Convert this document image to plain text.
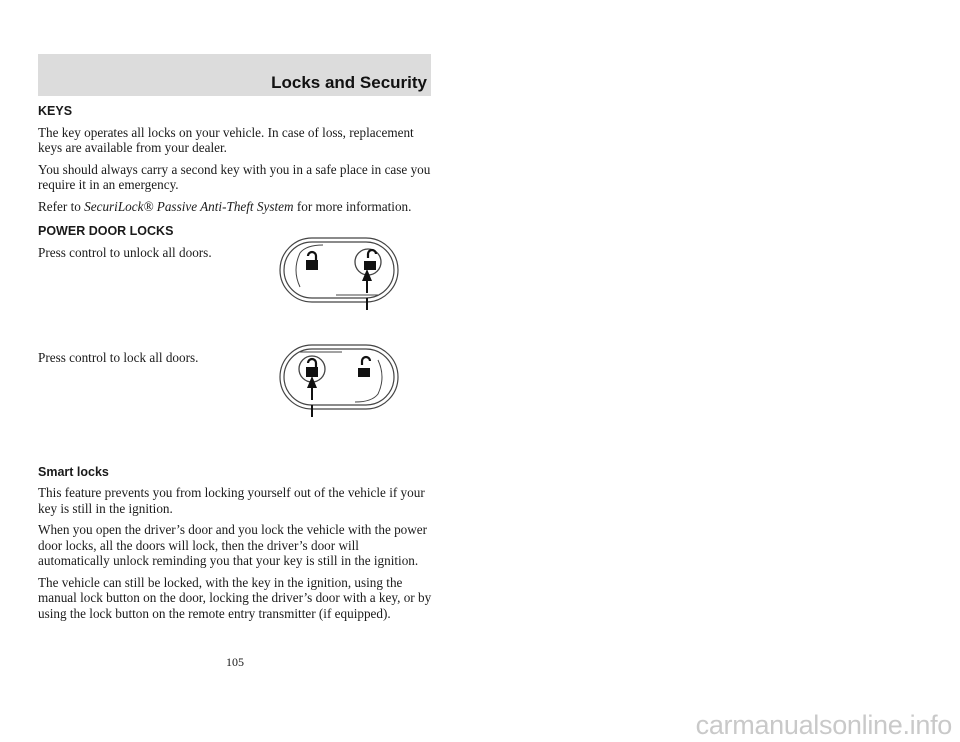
Locks and Security
KEYS

The key operates all locks on your vehicle. In case of loss, replacement keys are available from your dealer.

You should always carry a second key with you in a safe place in case you require it in an emergency.

Refer to SecuriLock® Passive Anti-Theft System for more information.

POWER DOOR LOCKS
Press control to unlock all doors.
Press control to lock all doors.
Smart locks

This feature prevents you from locking yourself out of the vehicle if your key is still in the ignition.

When you open the driver’s door and you lock the vehicle with the power door locks, all the doors will lock, then the driver’s door will automatically unlock reminding you that your key is still in the ignition.

The vehicle can still be locked, with the key in the ignition, using the manual lock button on the door, locking the driver’s door with a key, or by using the lock button on the remote entry transmitter (if equipped).

105
carmanualsonline.info
